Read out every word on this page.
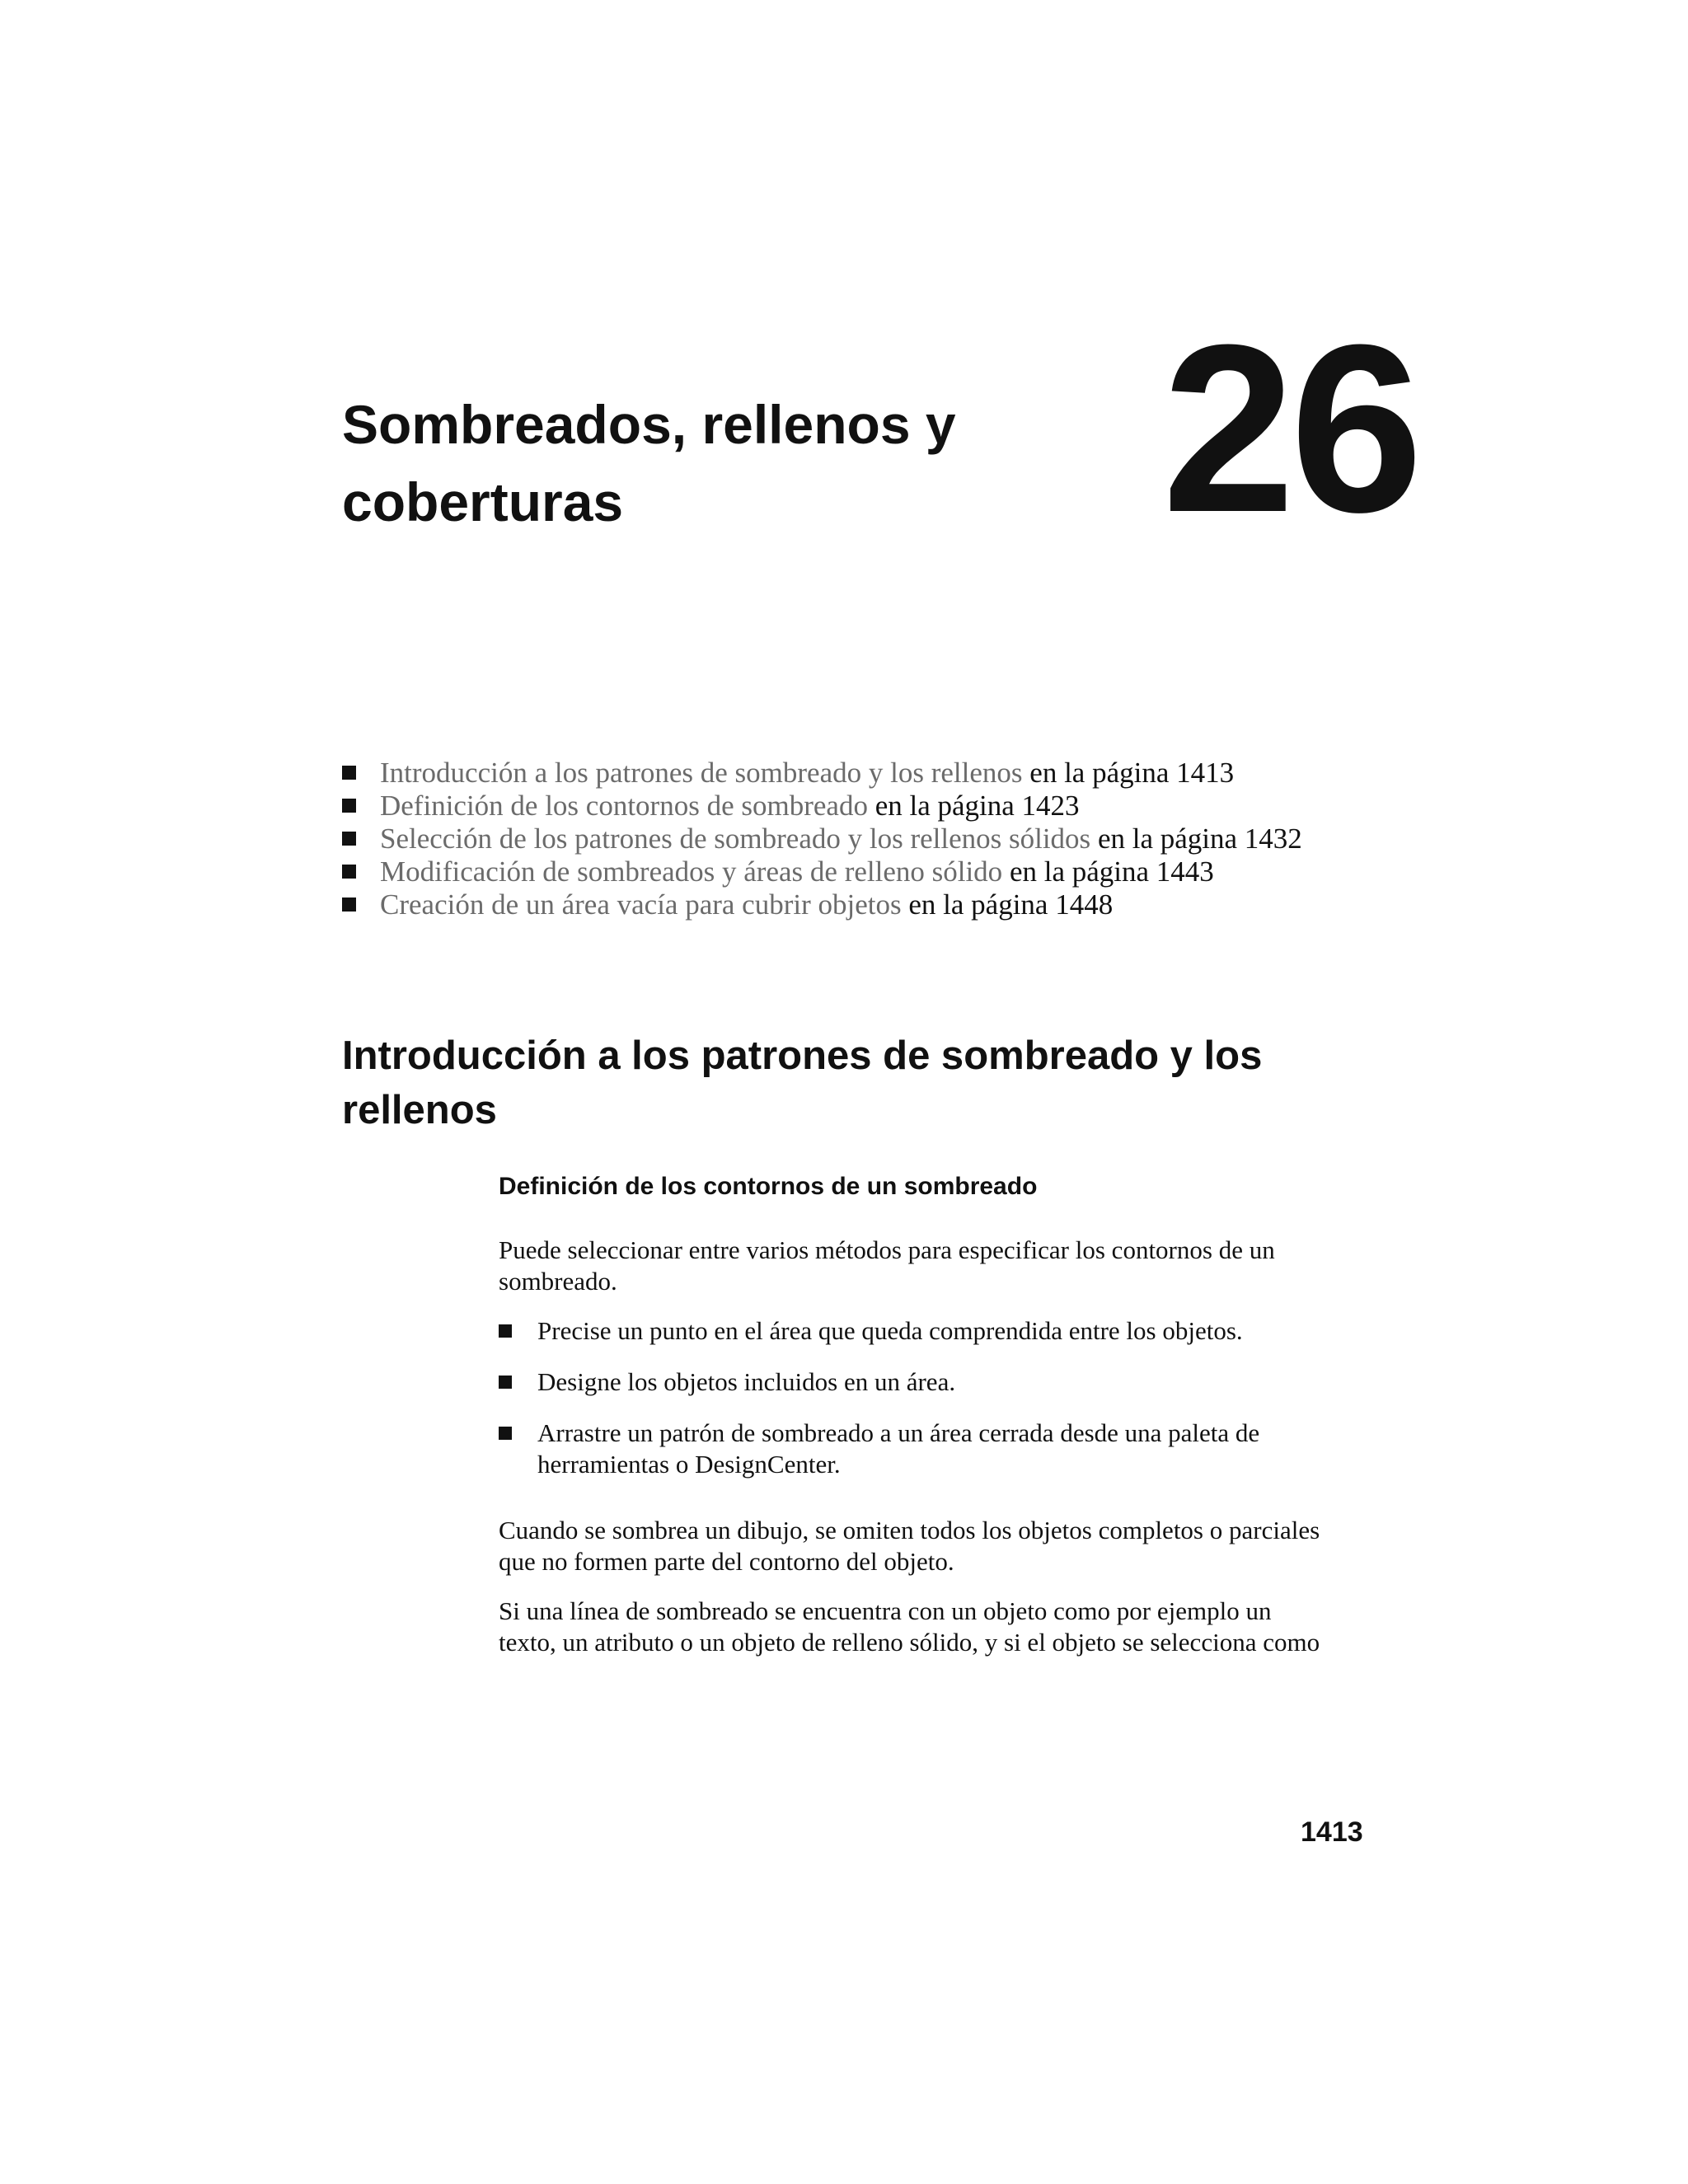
Sombreados, rellenos y
coberturas	26
Introducción a los patrones de sombreado y los rellenos en la página 1413
Definición de los contornos de sombreado en la página 1423
Selección de los patrones de sombreado y los rellenos sólidos en la página 1432
Modificación de sombreados y áreas de relleno sólido en la página 1443
Creación de un área vacía para cubrir objetos en la página 1448
Introducción a los patrones de sombreado y los
rellenos
Definición de los contornos de un sombreado

Puede seleccionar entre varios métodos para especificar los contornos de un
sombreado.

Precise un punto en el área que queda comprendida entre los objetos.
Designe los objetos incluidos en un área.
Arrastre un patrón de sombreado a un área cerrada desde una paleta de
herramientas o DesignCenter.

Cuando se sombrea un dibujo, se omiten todos los objetos completos o parciales
que no formen parte del contorno del objeto.

Si una línea de sombreado se encuentra con un objeto como por ejemplo un
texto, un atributo o un objeto de relleno sólido, y si el objeto se selecciona como

1413
